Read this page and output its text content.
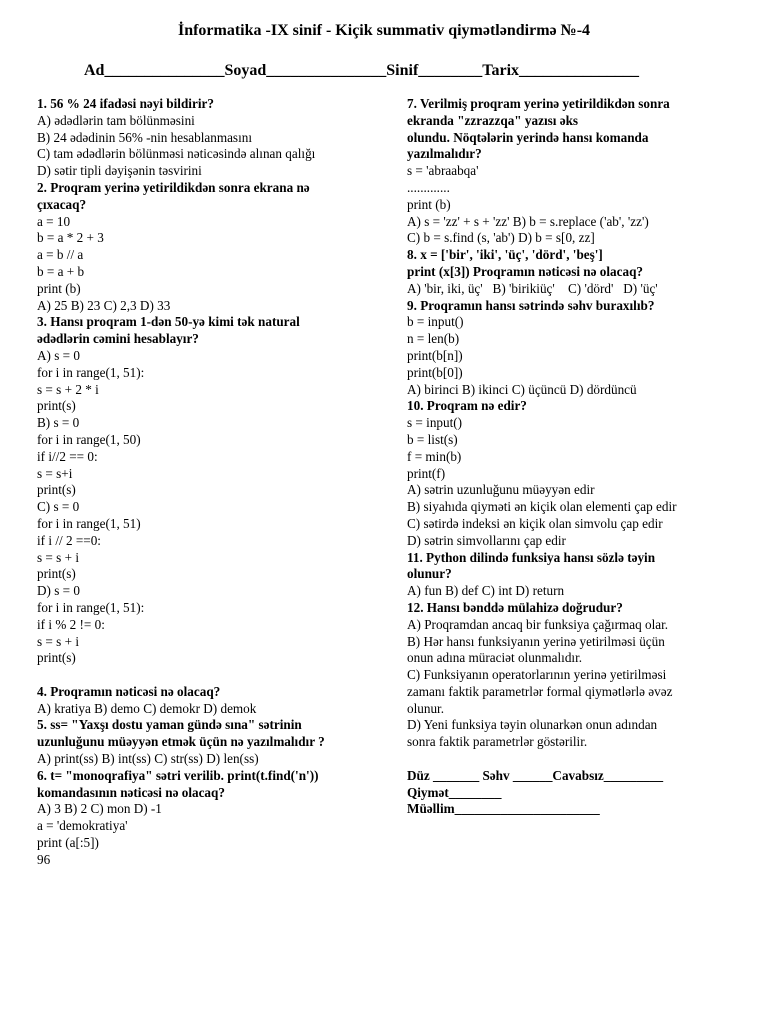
İnformatika -IX sinif - Kiçik summativ qiymətləndirmə №-4
Ad_______________Soyad_______________Sinif________Tarix_______________
1. 56 % 24 ifadəsi nəyi bildirir?
A) ədədlərin tam bölünməsini
B) 24 ədədinin 56% -nin hesablanmasını
C) tam ədədlərin bölünməsi nəticəsində alınan qalığı
D) sətir tipli dəyişənin təsvirini
2. Proqram yerinə yetirildikdən sonra ekrana nə
çıxacaq?
a = 10
b = a * 2 + 3
a = b // a
b = a + b
print (b)
A) 25 B) 23 C) 2,3 D) 33
3. Hansı proqram 1-dən 50-yə kimi tək natural
ədədlərin cəmini hesablayır?
A) s = 0
for i in range(1, 51):
s = s + 2 * i
print(s)
B) s = 0
for i in range(1, 50)
if i//2 == 0:
s = s+i
print(s)
C) s = 0
for i in range(1, 51)
if i // 2 ==0:
s = s + i
print(s)
D) s = 0
for i in range(1, 51):
if i % 2 != 0:
s = s + i
print(s)
4. Proqramın nəticəsi nə olacaq?
A) kratiya B) demo C) demokr D) demok
5. ss= "Yaxşı dostu yaman gündə sına" sətrinin
uzunluğunu müəyyən etmək üçün nə yazılmalıdır ?
A) print(ss) B) int(ss) C) str(ss) D) len(ss)
6. t= "monoqrafiya" sətri verilib. print(t.find('n'))
komandasının nəticəsi nə olacaq?
A) 3 B) 2 C) mon D) -1
a = 'demokratiya'
print (a[:5])
96
7. Verilmiş proqram yerinə yetirildikdən sonra
ekranda "zzrazzqa" yazısı əks
olundu. Nöqtələrin yerində hansı komanda
yazılmalıdır?
s = 'abraabqa'
.............
print (b)
A) s = 'zz' + s + 'zz' B) b = s.replace ('ab', 'zz')
C) b = s.find (s, 'ab') D) b = s[0, zz]
8. x = ['bir', 'iki', 'üç', 'dörd', 'beş']
print (x[3]) Proqramın nəticəsi nə olacaq?
A) 'bir, iki, üç'   B) 'birikiüç'    C) 'dörd'   D) 'üç'
9. Proqramın hansı sətrində səhv buraxılıb?
b = input()
n = len(b)
print(b[n])
print(b[0])
A) birinci B) ikinci C) üçüncü D) dördüncü
10. Proqram nə edir?
s = input()
b = list(s)
f = min(b)
print(f)
A) sətrin uzunluğunu müəyyən edir
B) siyahıda qiyməti ən kiçik olan elementi çap edir
C) sətirdə indeksi ən kiçik olan simvolu çap edir
D) sətrin simvollarını çap edir
11. Python dilində funksiya hansı sözlə təyin
olunur?
A) fun B) def C) int D) return
12. Hansı bənddə mülahizə doğrudur?
A) Proqramdan ancaq bir funksiya çağırmaq olar.
B) Hər hansı funksiyanın yerinə yetirilməsi üçün
onun adına müraciət olunmalıdır.
C) Funksiyanın operatorlarının yerinə yetirilməsi
zamanı faktik parametrlər formal qiymətlərlə əvəz
olunur.
D) Yeni funksiya təyin olunarkən onun adından
sonra faktik parametrlər göstərilir.
Düz _______ Səhv ______Cavabsız_________
Qiymət________
Müəllim______________________
